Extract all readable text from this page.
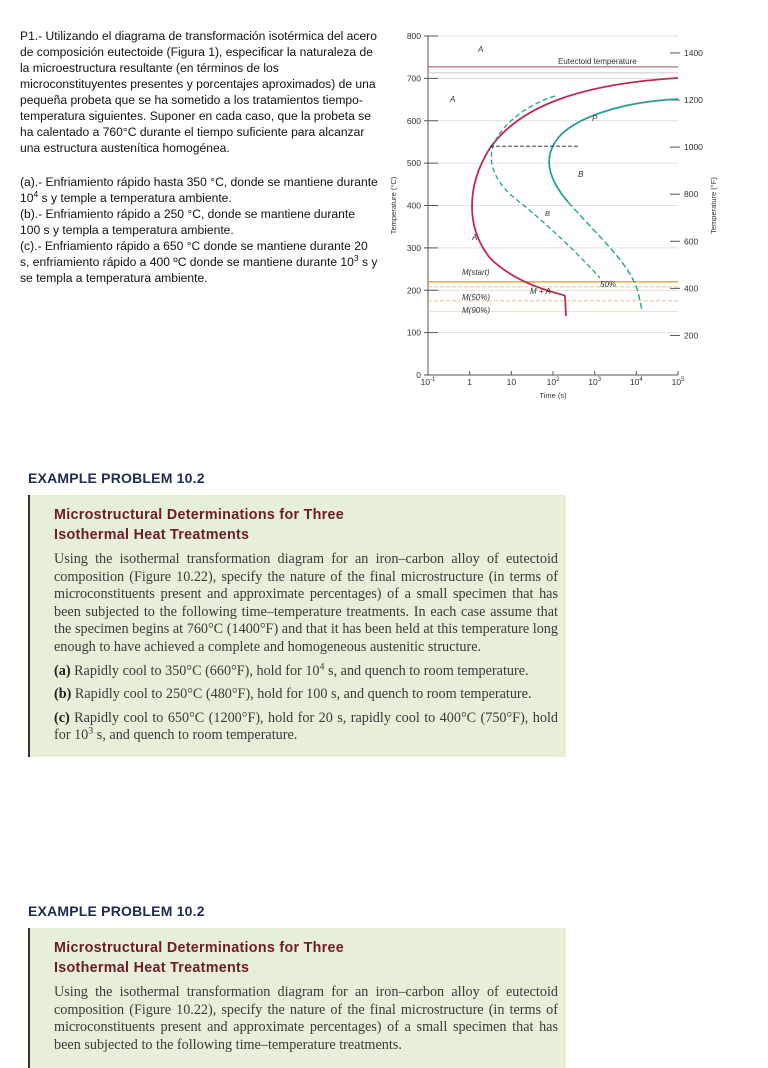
P1.- Utilizando el diagrama de transformación isotérmica del acero de composición eutectoide (Figura 1), especificar la naturaleza de la microestructura resultante (en términos de los microconstituyentes presentes y porcentajes aproximados) de una pequeña probeta que se ha sometido a los tratamientos tiempo-temperatura siguientes. Suponer en cada caso, que la probeta se ha calentado a 760°C durante el tiempo suficiente para alcanzar una estructura austenítica homogénea.

(a).- Enfriamiento rápido hasta 350 °C, donde se mantiene durante $10^4$ s y temple a temperatura ambiente.

(b).- Enfriamiento rápido a 250 °C, donde se mantiene durante 100 s y templa a temperatura ambiente.

(c).- Enfriamiento rápido a 650 °C donde se mantiene durante 20 s, enfriamiento rápido a 400 ºC donde se mantiene durante $10^3$ s y se templa a temperatura ambiente.

0
100
200
300
400
500
600
700
800
200
400
600
800
1000
1200
1400
$10^{-1}$	1	10	$10^2$	$10^3$	$10^4$	$10^5$
Temperature (°C)	Temperature (°F)
Time (s)
Eutectoid temperature
A
A
P
B
B
A
M + A
50%
M(start)
M(50%)
M(90%)
EXAMPLE PROBLEM 10.2
Microstructural Determinations for Three
Isothermal Heat Treatments

Using the isothermal transformation diagram for an iron–carbon alloy of eutectoid composition (Figure 10.22), specify the nature of the final microstructure (in terms of microconstituents present and approximate percentages) of a small specimen that has been subjected to the following time–temperature treatments. In each case assume that the specimen begins at 760°C (1400°F) and that it has been held at this temperature long enough to have achieved a complete and homogeneous austenitic structure.

(a) Rapidly cool to 350°C (660°F), hold for $10^4$ s, and quench to room temperature.

(b) Rapidly cool to 250°C (480°F), hold for 100 s, and quench to room temperature.

(c) Rapidly cool to 650°C (1200°F), hold for 20 s, rapidly cool to 400°C (750°F), hold for $10^3$ s, and quench to room temperature.

EXAMPLE PROBLEM 10.2
Microstructural Determinations for Three
Isothermal Heat Treatments

Using the isothermal transformation diagram for an iron–carbon alloy of eutectoid composition (Figure 10.22), specify the nature of the final microstructure (in terms of microconstituents present and approximate percentages) of a small specimen that has been subjected to the following time–temperature treatments.
